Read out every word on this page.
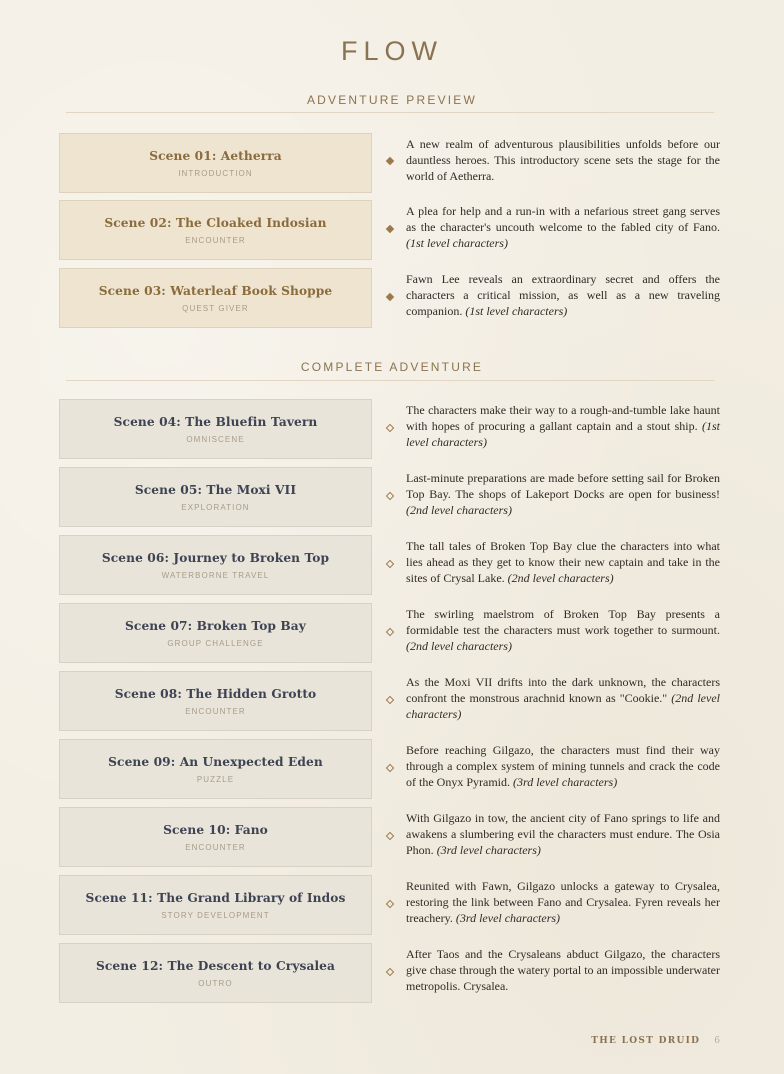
FLOW
ADVENTURE PREVIEW
Scene 01: Aetherra
INTRODUCTION
A new realm of adventurous plausibilities unfolds before our dauntless heroes. This introductory scene sets the stage for the world of Aetherra.
Scene 02: The Cloaked Indosian
ENCOUNTER
A plea for help and a run-in with a nefarious street gang serves as the character's uncouth welcome to the fabled city of Fano. (1st level characters)
Scene 03: Waterleaf Book Shoppe
QUEST GIVER
Fawn Lee reveals an extraordinary secret and offers the characters a critical mission, as well as a new traveling companion. (1st level characters)
COMPLETE ADVENTURE
Scene 04: The Bluefin Tavern
OMNISCENE
The characters make their way to a rough-and-tumble lake haunt with hopes of procuring a gallant captain and a stout ship. (1st level characters)
Scene 05: The Moxi VII
EXPLORATION
Last-minute preparations are made before setting sail for Broken Top Bay. The shops of Lakeport Docks are open for business! (2nd level characters)
Scene 06: Journey to Broken Top
WATERBORNE TRAVEL
The tall tales of Broken Top Bay clue the characters into what lies ahead as they get to know their new captain and take in the sites of Crysal Lake. (2nd level characters)
Scene 07: Broken Top Bay
GROUP CHALLENGE
The swirling maelstrom of Broken Top Bay presents a formidable test the characters must work together to surmount. (2nd level characters)
Scene 08: The Hidden Grotto
ENCOUNTER
As the Moxi VII drifts into the dark unknown, the characters confront the monstrous arachnid known as "Cookie." (2nd level characters)
Scene 09: An Unexpected Eden
PUZZLE
Before reaching Gilgazo, the characters must find their way through a complex system of mining tunnels and crack the code of the Onyx Pyramid. (3rd level characters)
Scene 10: Fano
ENCOUNTER
With Gilgazo in tow, the ancient city of Fano springs to life and awakens a slumbering evil the characters must endure. The Osia Phon. (3rd level characters)
Scene 11: The Grand Library of Indos
STORY DEVELOPMENT
Reunited with Fawn, Gilgazo unlocks a gateway to Crysalea, restoring the link between Fano and Crysalea. Fyren reveals her treachery. (3rd level characters)
Scene 12: The Descent to Crysalea
OUTRO
After Taos and the Crysaleans abduct Gilgazo, the characters give chase through the watery portal to an impossible underwater metropolis. Crysalea.
THE LOST DRUID 6
